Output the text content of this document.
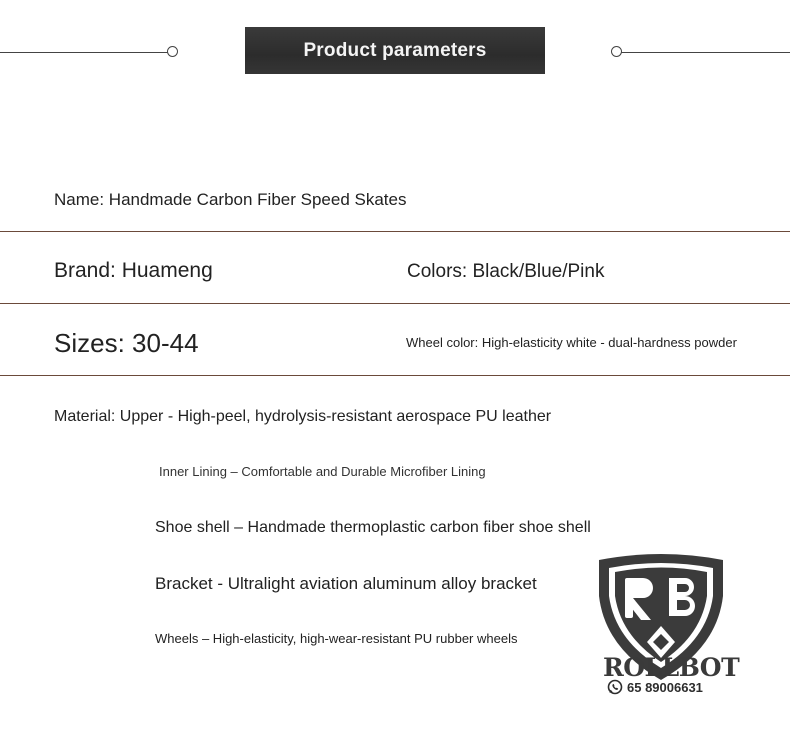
Product parameters
Name: Handmade Carbon Fiber Speed Skates
Brand: Huameng	Colors: Black/Blue/Pink
Sizes: 30-44	Wheel color: High-elasticity white - dual-hardness powder
Material: Upper - High-peel, hydrolysis-resistant aerospace PU leather
Inner Lining – Comfortable and Durable Microfiber Lining
Shoe shell – Handmade thermoplastic carbon fiber shoe shell
Bracket - Ultralight aviation aluminum alloy bracket
Wheels – High-elasticity, high-wear-resistant PU rubber wheels
ROLLBOT
65 89006631
